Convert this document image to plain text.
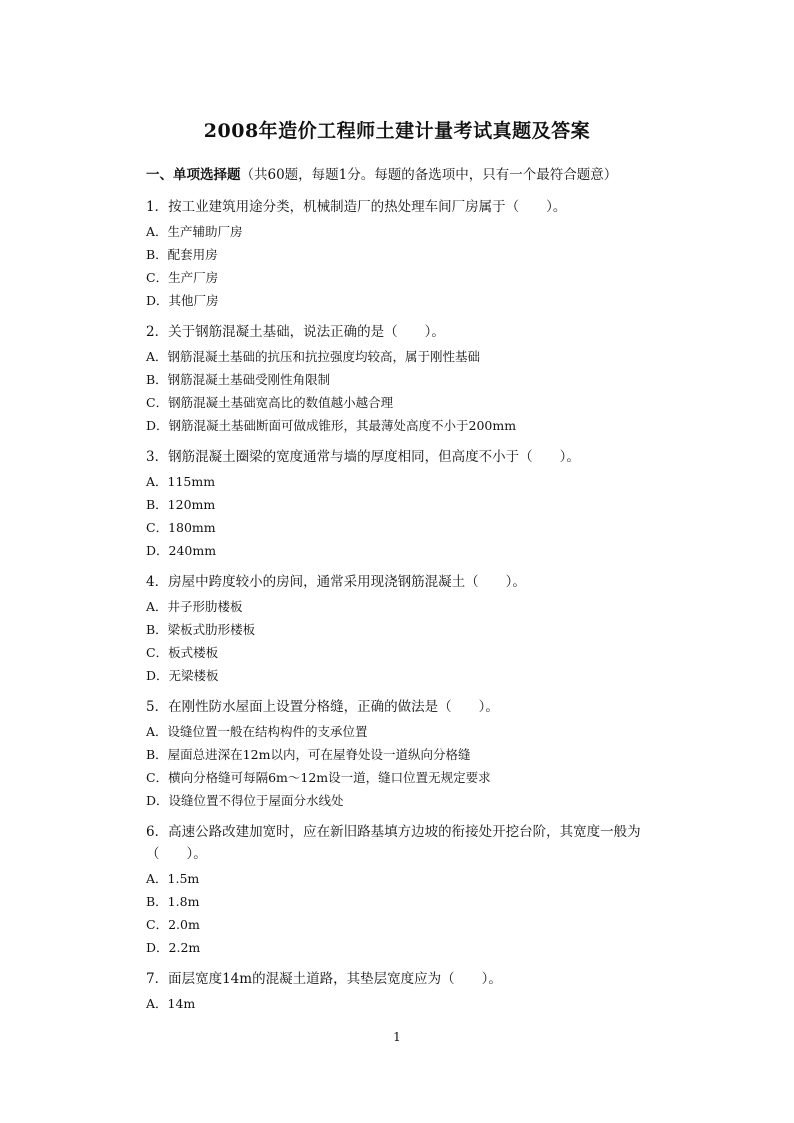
2008年造价工程师土建计量考试真题及答案
一、单项选择题（共60题，每题1分。每题的备选项中，只有一个最符合题意）
1．按工业建筑用途分类，机械制造厂的热处理车间厂房属于（　　）。
A．生产辅助厂房
B．配套用房
C．生产厂房
D．其他厂房
2．关于钢筋混凝土基础，说法正确的是（　　）。
A．钢筋混凝土基础的抗压和抗拉强度均较高，属于刚性基础
B．钢筋混凝土基础受刚性角限制
C．钢筋混凝土基础宽高比的数值越小越合理
D．钢筋混凝土基础断面可做成锥形，其最薄处高度不小于200mm
3．钢筋混凝土圈梁的宽度通常与墙的厚度相同，但高度不小于（　　）。
A．115mm
B．120mm
C．180mm
D．240mm
4．房屋中跨度较小的房间，通常采用现浇钢筋混凝土（　　）。
A．井子形肋楼板
B．梁板式肋形楼板
C．板式楼板
D．无梁楼板
5．在刚性防水屋面上设置分格缝，正确的做法是（　　）。
A．设缝位置一般在结构构件的支承位置
B．屋面总进深在12m以内，可在屋脊处设一道纵向分格缝
C．横向分格缝可每隔6m～12m设一道，缝口位置无规定要求
D．设缝位置不得位于屋面分水线处
6．高速公路改建加宽时，应在新旧路基填方边坡的衔接处开挖台阶，其宽度一般为（　　）。
A．1.5m
B．1.8m
C．2.0m
D．2.2m
7．面层宽度14m的混凝土道路，其垫层宽度应为（　　）。
A．14m
1
